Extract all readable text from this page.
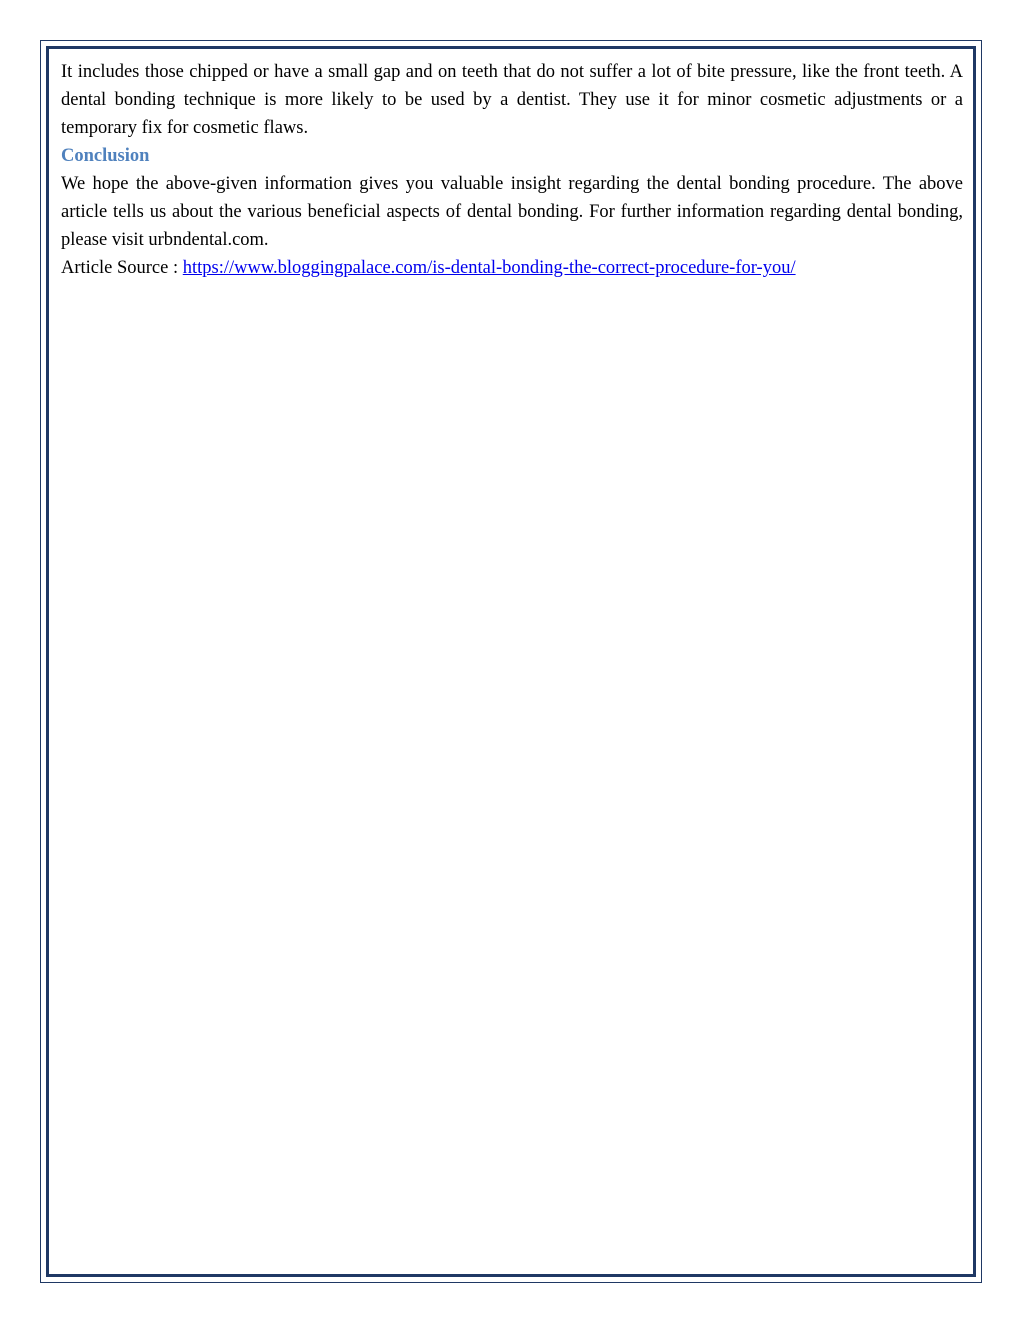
It includes those chipped or have a small gap and on teeth that do not suffer a lot of bite pressure, like the front teeth. A dental bonding technique is more likely to be used by a dentist. They use it for minor cosmetic adjustments or a temporary fix for cosmetic flaws.

Conclusion

We hope the above-given information gives you valuable insight regarding the dental bonding procedure. The above article tells us about the various beneficial aspects of dental bonding. For further information regarding dental bonding, please visit urbndental.com.

Article Source : https://www.bloggingpalace.com/is-dental-bonding-the-correct-procedure-for-you/
